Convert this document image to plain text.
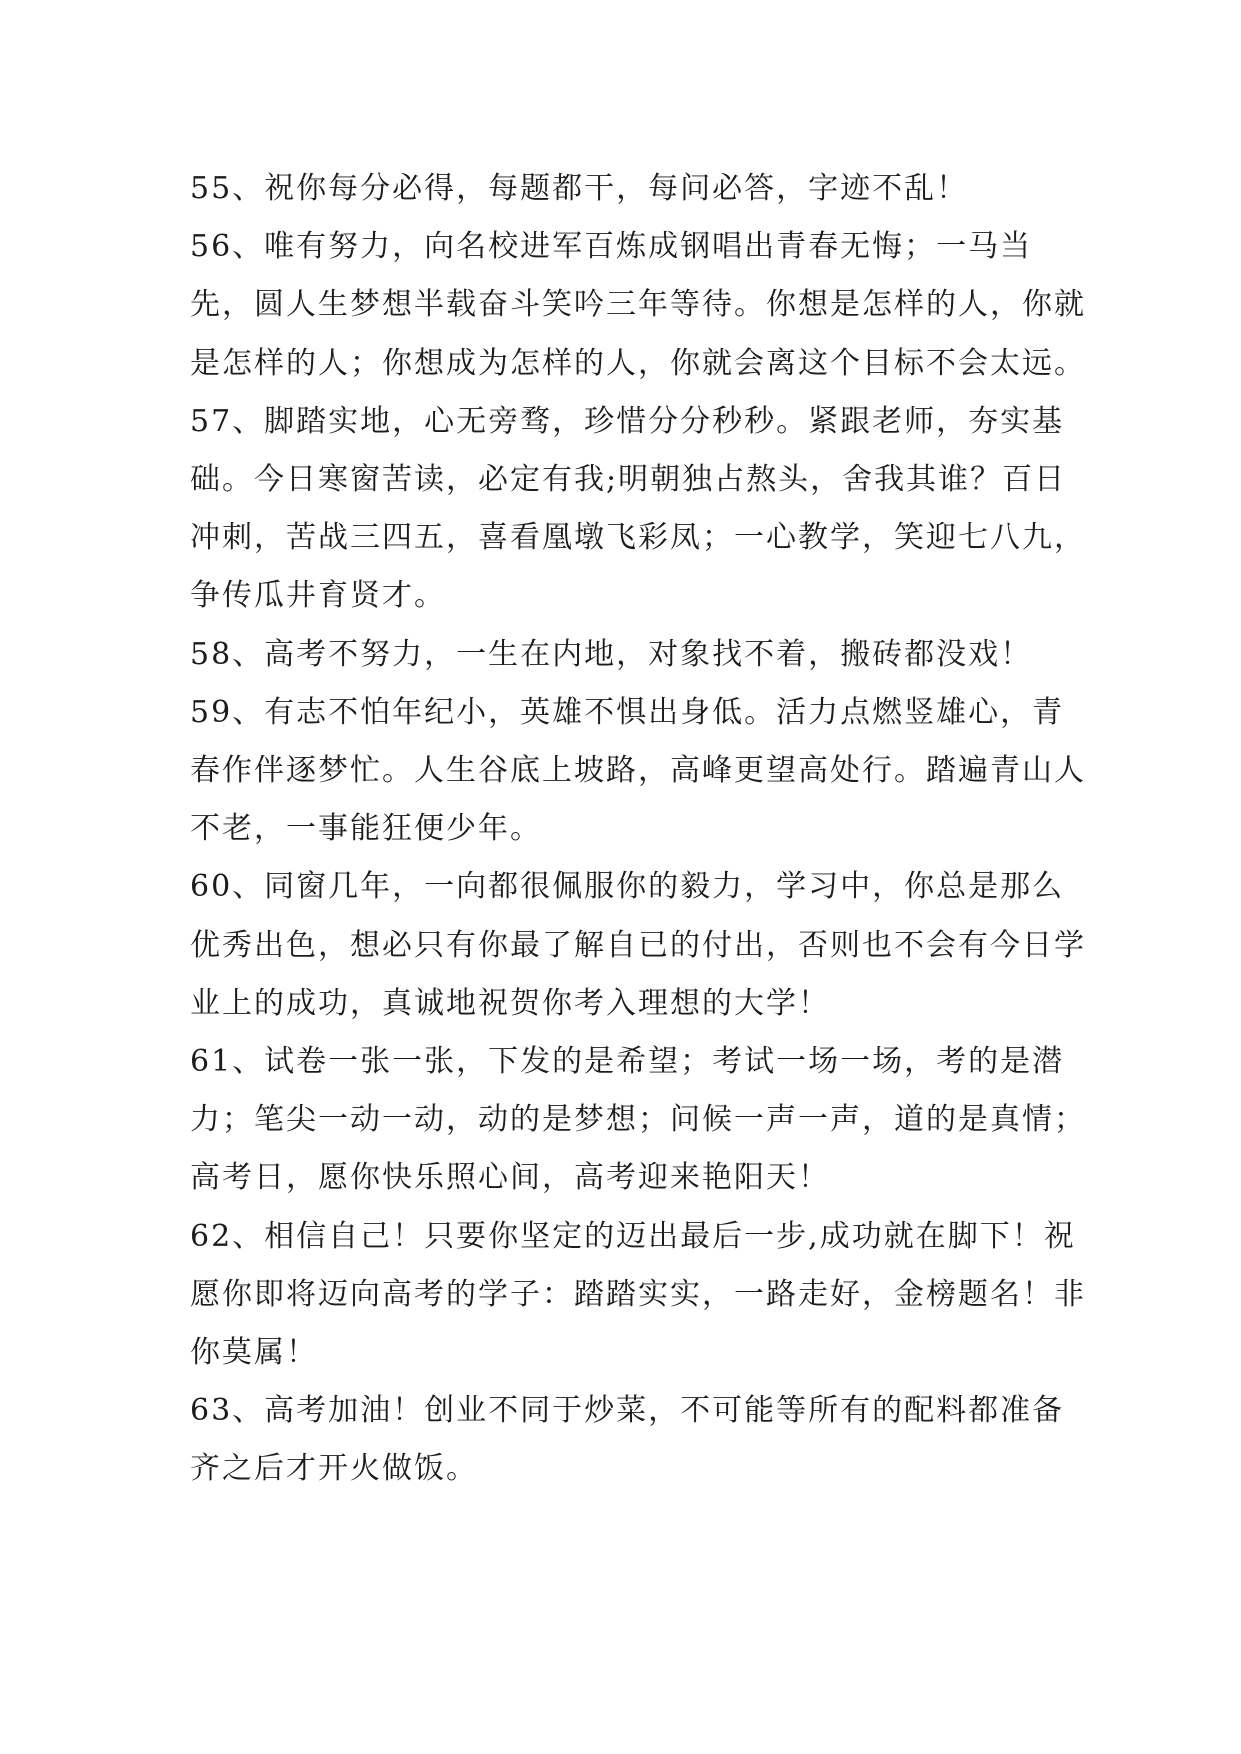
55、祝你每分必得，每题都干，每问必答，字迹不乱！

56、唯有努力，向名校进军百炼成钢唱出青春无悔；一马当先，圆人生梦想半载奋斗笑吟三年等待。你想是怎样的人，你就是怎样的人；你想成为怎样的人，你就会离这个目标不会太远。

57、脚踏实地，心无旁骛，珍惜分分秒秒。紧跟老师，夯实基础。今日寒窗苦读，必定有我;明朝独占熬头，舍我其谁？百日冲刺，苦战三四五，喜看凰墩飞彩凤；一心教学，笑迎七八九，争传瓜井育贤才。

58、高考不努力，一生在内地，对象找不着，搬砖都没戏！

59、有志不怕年纪小，英雄不惧出身低。活力点燃竖雄心，青春作伴逐梦忙。人生谷底上坡路，高峰更望高处行。踏遍青山人不老，一事能狂便少年。

60、同窗几年，一向都很佩服你的毅力，学习中，你总是那么优秀出色，想必只有你最了解自已的付出，否则也不会有今日学业上的成功，真诚地祝贺你考入理想的大学！

61、试卷一张一张，下发的是希望；考试一场一场，考的是潜力；笔尖一动一动，动的是梦想；问候一声一声，道的是真情；高考日，愿你快乐照心间，高考迎来艳阳天！

62、相信自己！只要你坚定的迈出最后一步,成功就在脚下！祝愿你即将迈向高考的学子：踏踏实实，一路走好，金榜题名！非你莫属！

63、高考加油！创业不同于炒菜，不可能等所有的配料都准备齐之后才开火做饭。
